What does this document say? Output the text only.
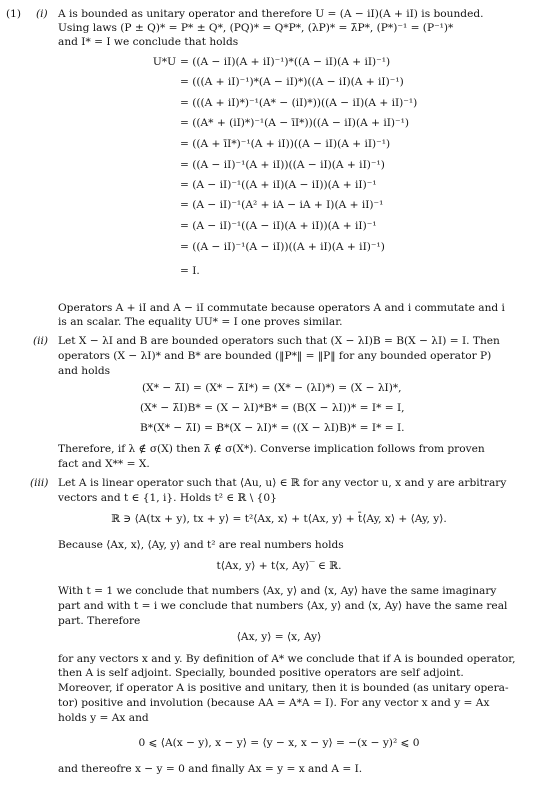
(1) (i) A is bounded as unitary operator and therefore U = (A − iI)(A + iI) is bounded.
Using laws (P ± Q)* = P* ± Q*, (PQ)* = Q*P*, (λP)* = λ̄P*, (P*)⁻¹ = (P⁻¹)*
and I* = I we conclude that holds
U*U = ((A − iI)(A + iI)⁻¹)*((A − iI)(A + iI)⁻¹)
= (((A + iI)⁻¹)*(A − iI)*)((A − iI)(A + iI)⁻¹)
= (((A + iI)*)⁻¹(A* − (iI)*))((A − iI)(A + iI)⁻¹)
= ((A* + (iI)*)⁻¹(A − īI*))((A − iI)(A + iI)⁻¹)
= ((A + īI*)⁻¹(A + iI))((A − iI)(A + iI)⁻¹)
= ((A − iI)⁻¹(A + iI))((A − iI)(A + iI)⁻¹)
= (A − iI)⁻¹((A + iI)(A − iI))(A + iI)⁻¹
= (A − iI)⁻¹(A² + iA − iA + I)(A + iI)⁻¹
= (A − iI)⁻¹((A − iI)(A + iI))(A + iI)⁻¹
= ((A − iI)⁻¹(A − iI))((A + iI)(A + iI)⁻¹)
= I.
Operators A + iI and A − iI commutate because operators A and i commutate and i
is an scalar. The equality UU* = I one proves similar.
(ii) Let X − λI and B are bounded operators such that (X − λI)B = B(X − λI) = I. Then
operators (X − λI)* and B* are bounded (‖P*‖ = ‖P‖ for any bounded operator P)
and holds
(X* − λ̄I) = (X* − λ̄I*) = (X* − (λI)*) = (X − λI)*,
(X* − λ̄I)B* = (X − λI)*B* = (B(X − λI))* = I* = I,
B*(X* − λ̄I) = B*(X − λI)* = ((X − λI)B)* = I* = I.
Therefore, if λ ∉ σ(X) then λ̄ ∉ σ(X*). Converse implication follows from proven
fact and X** = X.
(iii) Let A is linear operator such that ⟨Au, u⟩ ∈ ℝ for any vector u, x and y are arbitrary
vectors and t ∈ {1, i}. Holds t² ∈ ℝ \ {0}
ℝ ∋ ⟨A(tx + y), tx + y⟩ = t²⟨Ax, x⟩ + t⟨Ax, y⟩ + t̄⟨Ay, x⟩ + ⟨Ay, y⟩.
Because ⟨Ax, x⟩, ⟨Ay, y⟩ and t² are real numbers holds
t⟨Ax, y⟩ + t⟨x, Ay⟩‾ ∈ ℝ.
With t = 1 we conclude that numbers ⟨Ax, y⟩ and ⟨x, Ay⟩ have the same imaginary
part and with t = i we conclude that numbers ⟨Ax, y⟩ and ⟨x, Ay⟩ have the same real
part. Therefore
⟨Ax, y⟩ = ⟨x, Ay⟩
for any vectors x and y. By definition of A* we conclude that if A is bounded operator,
then A is self adjoint. Specially, bounded positive operators are self adjoint.
Moreover, if operator A is positive and unitary, then it is bounded (as unitary opera-
tor) positive and involution (because AA = A*A = I). For any vector x and y = Ax
holds y = Ax and
0 ⩽ ⟨A(x − y), x − y⟩ = ⟨y − x, x − y⟩ = −(x − y)² ⩽ 0
and thereofre x − y = 0 and finally Ax = y = x and A = I.
